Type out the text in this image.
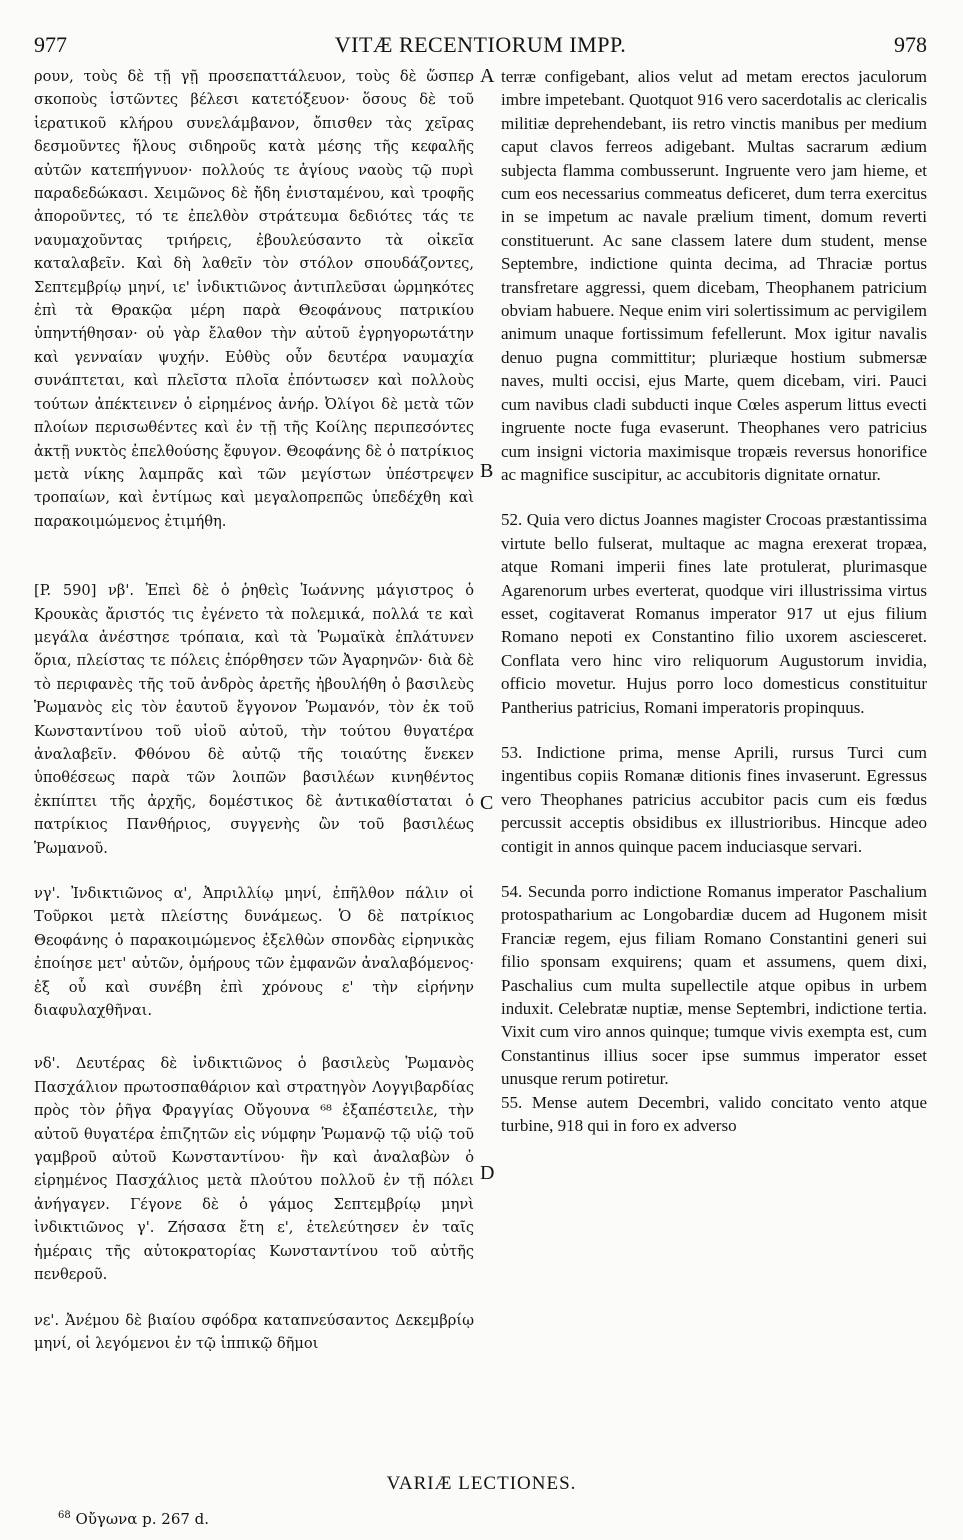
977	VITÆ RECENTIORUM IMPP.	978

ρουν, τοὺς δὲ τῇ γῇ προσεπαττάλευον, τοὺς δὲ ὥσπερ σκοποὺς ἱστῶντες βέλεσι κατετόξευον· ὅσους δὲ τοῦ ἱερατικοῦ κλήρου συνελάμβανον, ὄπισθεν τὰς χεῖρας δεσμοῦντες ἥλους σιδηροῦς κατὰ μέσης τῆς κεφαλῆς αὐτῶν κατεπήγνυον· πολλούς τε ἁγίους ναοὺς τῷ πυρὶ παραδεδώκασι. Χειμῶνος δὲ ἤδη ἐνισταμένου, καὶ τροφῆς ἀποροῦντες, τό τε ἐπελθὸν στράτευμα δεδιότες τάς τε ναυμαχοῦντας τριήρεις, ἐβουλεύσαντο τὰ οἰκεῖα καταλαβεῖν. Καὶ δὴ λαθεῖν τὸν στόλον σπουδάζοντες, Σεπτεμβρίῳ μηνί, ιε' ἰνδικτιῶνος ἀντιπλεῦσαι ὡρμηκότες ἐπὶ τὰ Θρακῷα μέρη παρὰ Θεοφάνους πατρικίου ὑπηντήθησαν· οὐ γὰρ ἔλαθον τὴν αὐτοῦ ἐγρηγορωτάτην καὶ γενναίαν ψυχήν. Εὐθὺς οὖν δευτέρα ναυμαχία συνάπτεται, καὶ πλεῖστα πλοῖα ἐπόντωσεν καὶ πολλοὺς τούτων ἀπέκτεινεν ὁ εἰρημένος ἀνήρ. Ὀλίγοι δὲ μετὰ τῶν πλοίων περισωθέντες καὶ ἐν τῇ τῆς Κοίλης περιπεσόντες ἀκτῇ νυκτὸς ἐπελθούσης ἔφυγον. Θεοφάνης δὲ ὁ πατρίκιος μετὰ νίκης λαμπρᾶς καὶ τῶν μεγίστων ὑπέστρεψεν τροπαίων, καὶ ἐντίμως καὶ μεγαλοπρεπῶς ὑπεδέχθη καὶ παρακοιμώμενος ἐτιμήθη.

[P. 590] νβ'. Ἐπεὶ δὲ ὁ ῥηθεὶς Ἰωάννης μάγιστρος ὁ Κρουκὰς ἄριστός τις ἐγένετο τὰ πολεμικά, πολλά τε καὶ μεγάλα ἀνέστησε τρόπαια, καὶ τὰ Ῥωμαϊκὰ ἐπλάτυνεν ὅρια, πλείστας τε πόλεις ἐπόρθησεν τῶν Ἀγαρηνῶν· διὰ δὲ τὸ περιφανὲς τῆς τοῦ ἀνδρὸς ἀρετῆς ἠβουλήθη ὁ βασιλεὺς Ῥωμανὸς εἰς τὸν ἑαυτοῦ ἔγγονον Ῥωμανόν, τὸν ἐκ τοῦ Κωνσταντίνου τοῦ υἱοῦ αὐτοῦ, τὴν τούτου θυγατέρα ἀναλαβεῖν. Φθόνου δὲ αὐτῷ τῆς τοιαύτης ἕνεκεν ὑποθέσεως παρὰ τῶν λοιπῶν βασιλέων κινηθέντος ἐκπίπτει τῆς ἀρχῆς, δομέστικος δὲ ἀντικαθίσταται ὁ πατρίκιος Πανθήριος, συγγενὴς ὢν τοῦ βασιλέως Ῥωμανοῦ.

νγ'. Ἰνδικτιῶνος α', Ἀπριλλίῳ μηνί, ἐπῆλθον πάλιν οἱ Τοῦρκοι μετὰ πλείστης δυνάμεως. Ὁ δὲ πατρίκιος Θεοφάνης ὁ παρακοιμώμενος ἐξελθὼν σπονδὰς εἰρηνικὰς ἐποίησε μετ' αὐτῶν, ὁμήρους τῶν ἐμφανῶν ἀναλαβόμενος· ἐξ οὗ καὶ συνέβη ἐπὶ χρόνους ε' τὴν εἰρήνην διαφυλαχθῆναι.

νδ'. Δευτέρας δὲ ἰνδικτιῶνος ὁ βασιλεὺς Ῥωμανὸς Πασχάλιον πρωτοσπαθάριον καὶ στρατηγὸν Λογγιβαρδίας πρὸς τὸν ῥῆγα Φραγγίας Οὔγουνα ⁶⁸ ἐξαπέστειλε, τὴν αὐτοῦ θυγατέρα ἐπιζητῶν εἰς νύμφην Ῥωμανῷ τῷ υἱῷ τοῦ γαμβροῦ αὐτοῦ Κωνσταντίνου· ἣν καὶ ἀναλαβὼν ὁ εἰρημένος Πασχάλιος μετὰ πλούτου πολλοῦ ἐν τῇ πόλει ἀνήγαγεν. Γέγονε δὲ ὁ γάμος Σεπτεμβρίῳ μηνὶ ἰνδικτιῶνος γ'. Ζήσασα ἔτη ε', ἐτελεύτησεν ἐν ταῖς ἡμέραις τῆς αὐτοκρατορίας Κωνσταντίνου τοῦ αὐτῆς πενθεροῦ.

νε'. Ἀνέμου δὲ βιαίου σφόδρα καταπνεύσαντος Δεκεμβρίῳ μηνί, οἱ λεγόμενοι ἐν τῷ ἱππικῷ δῆμοι

A
B
C
D

terræ configebant, alios velut ad metam erectos jaculorum imbre impetebant. Quotquot 916 vero sacerdotalis ac clericalis militiæ deprehendebant, iis retro vinctis manibus per medium caput clavos ferreos adigebant. Multas sacrarum ædium subjecta flamma combusserunt. Ingruente vero jam hieme, et cum eos necessarius commeatus deficeret, dum terra exercitus in se impetum ac navale prælium timent, domum reverti constituerunt. Ac sane classem latere dum student, mense Septembre, indictione quinta decima, ad Thraciæ portus transfretare aggressi, quem dicebam, Theophanem patricium obviam habuere. Neque enim viri solertissimum ac pervigilem animum unaque fortissimum fefellerunt. Mox igitur navalis denuo pugna committitur; pluriæque hostium submersæ naves, multi occisi, ejus Marte, quem dicebam, viri. Pauci cum navibus cladi subducti inque Cœles asperum littus evecti ingruente nocte fuga evaserunt. Theophanes vero patricius cum insigni victoria maximisque tropæis reversus honorifice ac magnifice suscipitur, ac accubitoris dignitate ornatur.

52. Quia vero dictus Joannes magister Crocoas præstantissima virtute bello fulserat, multaque ac magna erexerat tropæa, atque Romani imperii fines late protulerat, plurimasque Agarenorum urbes everterat, quodque viri illustrissima virtus esset, cogitaverat Romanus imperator 917 ut ejus filium Romano nepoti ex Constantino filio uxorem asciesceret. Conflata vero hinc viro reliquorum Augustorum invidia, officio movetur. Hujus porro loco domesticus constituitur Pantherius patricius, Romani imperatoris propinquus.

53. Indictione prima, mense Aprili, rursus Turci cum ingentibus copiis Romanæ ditionis fines invaserunt. Egressus vero Theophanes patricius accubitor pacis cum eis fœdus percussit acceptis obsidibus ex illustrioribus. Hincque adeo contigit in annos quinque pacem induciasque servari.

54. Secunda porro indictione Romanus imperator Paschalium protospatharium ac Longobardiæ ducem ad Hugonem misit Franciæ regem, ejus filiam Romano Constantini generi sui filio sponsam exquirens; quam et assumens, quem dixi, Paschalius cum multa supellectile atque opibus in urbem induxit. Celebratæ nuptiæ, mense Septembri, indictione tertia. Vixit cum viro annos quinque; tumque vivis exempta est, cum Constantinus illius socer ipse summus imperator esset unusque rerum potiretur.

55. Mense autem Decembri, valido concitato vento atque turbine, 918 qui in foro ex adverso

VARIÆ LECTIONES.
$^{68}$ Οὔγωνα p. 267 d.
